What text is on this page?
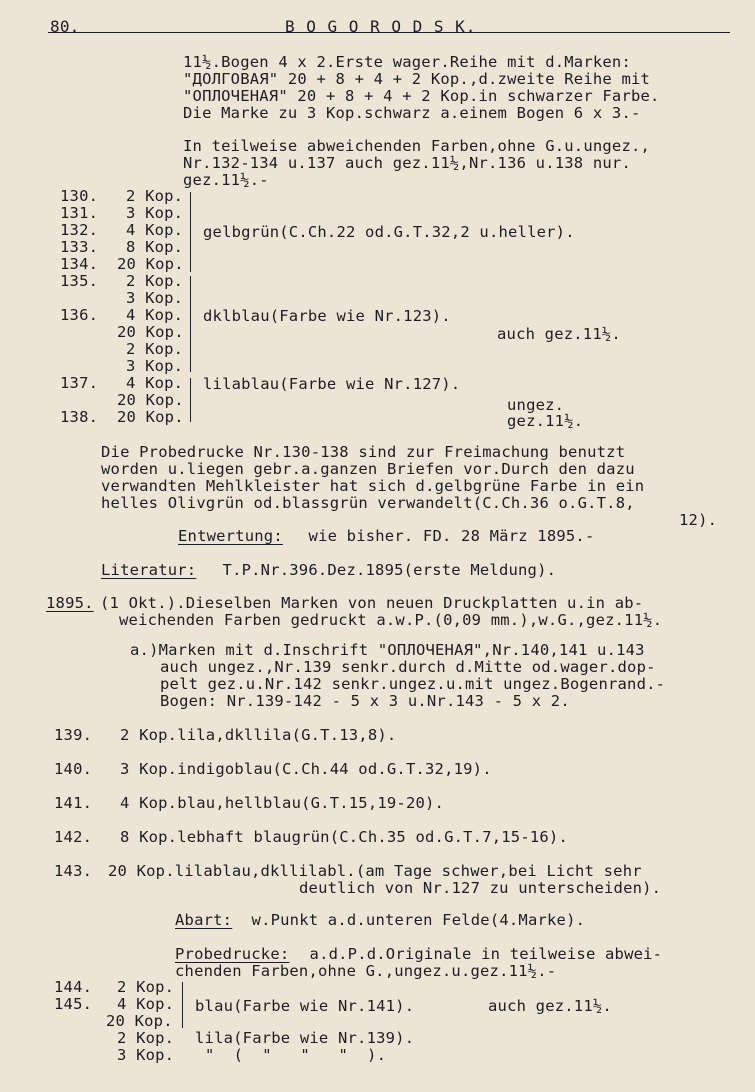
80.	B O G O R O D S K.
11½.Bogen 4 x 2.Erste wager.Reihe mit d.Marken:
"ДОЛГОВАЯ" 20 + 8 + 4 + 2 Kop.,d.zweite Reihe mit
"ОПЛОЧЕНАЯ" 20 + 8 + 4 + 2 Kop.in schwarzer Farbe.
Die Marke zu 3 Kop.schwarz a.einem Bogen 6 x 3.-
In teilweise abweichenden Farben,ohne G.u.ungez.,
Nr.132-134 u.137 auch gez.11½,Nr.136 u.138 nur.
gez.11½.-
130. 2 Kop.
131. 3 Kop.
132. 4 Kop.
133. 8 Kop.
134. 20 Kop.
gelbgrün(C.Ch.22 od.G.T.32,2 u.heller).
135. 2 Kop.
3 Kop.
136. 4 Kop.
20 Kop.
2 Kop.
3 Kop.
137. 4 Kop.
20 Kop.
138. 20 Kop.
dklblau(Farbe wie Nr.123).
auch gez.11½.
lilablau(Farbe wie Nr.127).
ungez.
gez.11½.
Die Probedrucke Nr.130-138 sind zur Freimachung benutzt
worden u.liegen gebr.a.ganzen Briefen vor.Durch den dazu
verwandten Mehlkleister hat sich d.gelbgrüne Farbe in ein
helles Olivgrün od.blassgrün verwandelt(C.Ch.36 o.G.T.8,
12).
Entwertung: wie bisher. FD. 28 März 1895.-
Literatur: T.P.Nr.396.Dez.1895(erste Meldung).
1895. (1 Okt.).Dieselben Marken von neuen Druckplatten u.in ab-
weichenden Farben gedruckt a.w.P.(0,09 mm.),w.G.,gez.11½.
a.)Marken mit d.Inschrift "ОПЛОЧЕНАЯ",Nr.140,141 u.143
auch ungez.,Nr.139 senkr.durch d.Mitte od.wager.dop-
pelt gez.u.Nr.142 senkr.ungez.u.mit ungez.Bogenrand.-
Bogen: Nr.139-142 - 5 x 3 u.Nr.143 - 5 x 2.
139. 2 Kop.lila,dkllila(G.T.13,8).
140. 3 Kop.indigoblau(C.Ch.44 od.G.T.32,19).
141. 4 Kop.blau,hellblau(G.T.15,19-20).
142. 8 Kop.lebhaft blaugrün(C.Ch.35 od.G.T.7,15-16).
143. 20 Kop.lilablau,dkllilabl.(am Tage schwer,bei Licht sehr
deutlich von Nr.127 zu unterscheiden).
Abart: w.Punkt a.d.unteren Felde(4.Marke).
Probedrucke: a.d.P.d.Originale in teilweise abwei-
chenden Farben,ohne G.,ungez.u.gez.11½.-
144. 2 Kop.
145. 4 Kop.
20 Kop.
blau(Farbe wie Nr.141).	auch gez.11½.
2 Kop. lila(Farbe wie Nr.139).
3 Kop. "  (  "   "   "  ).
